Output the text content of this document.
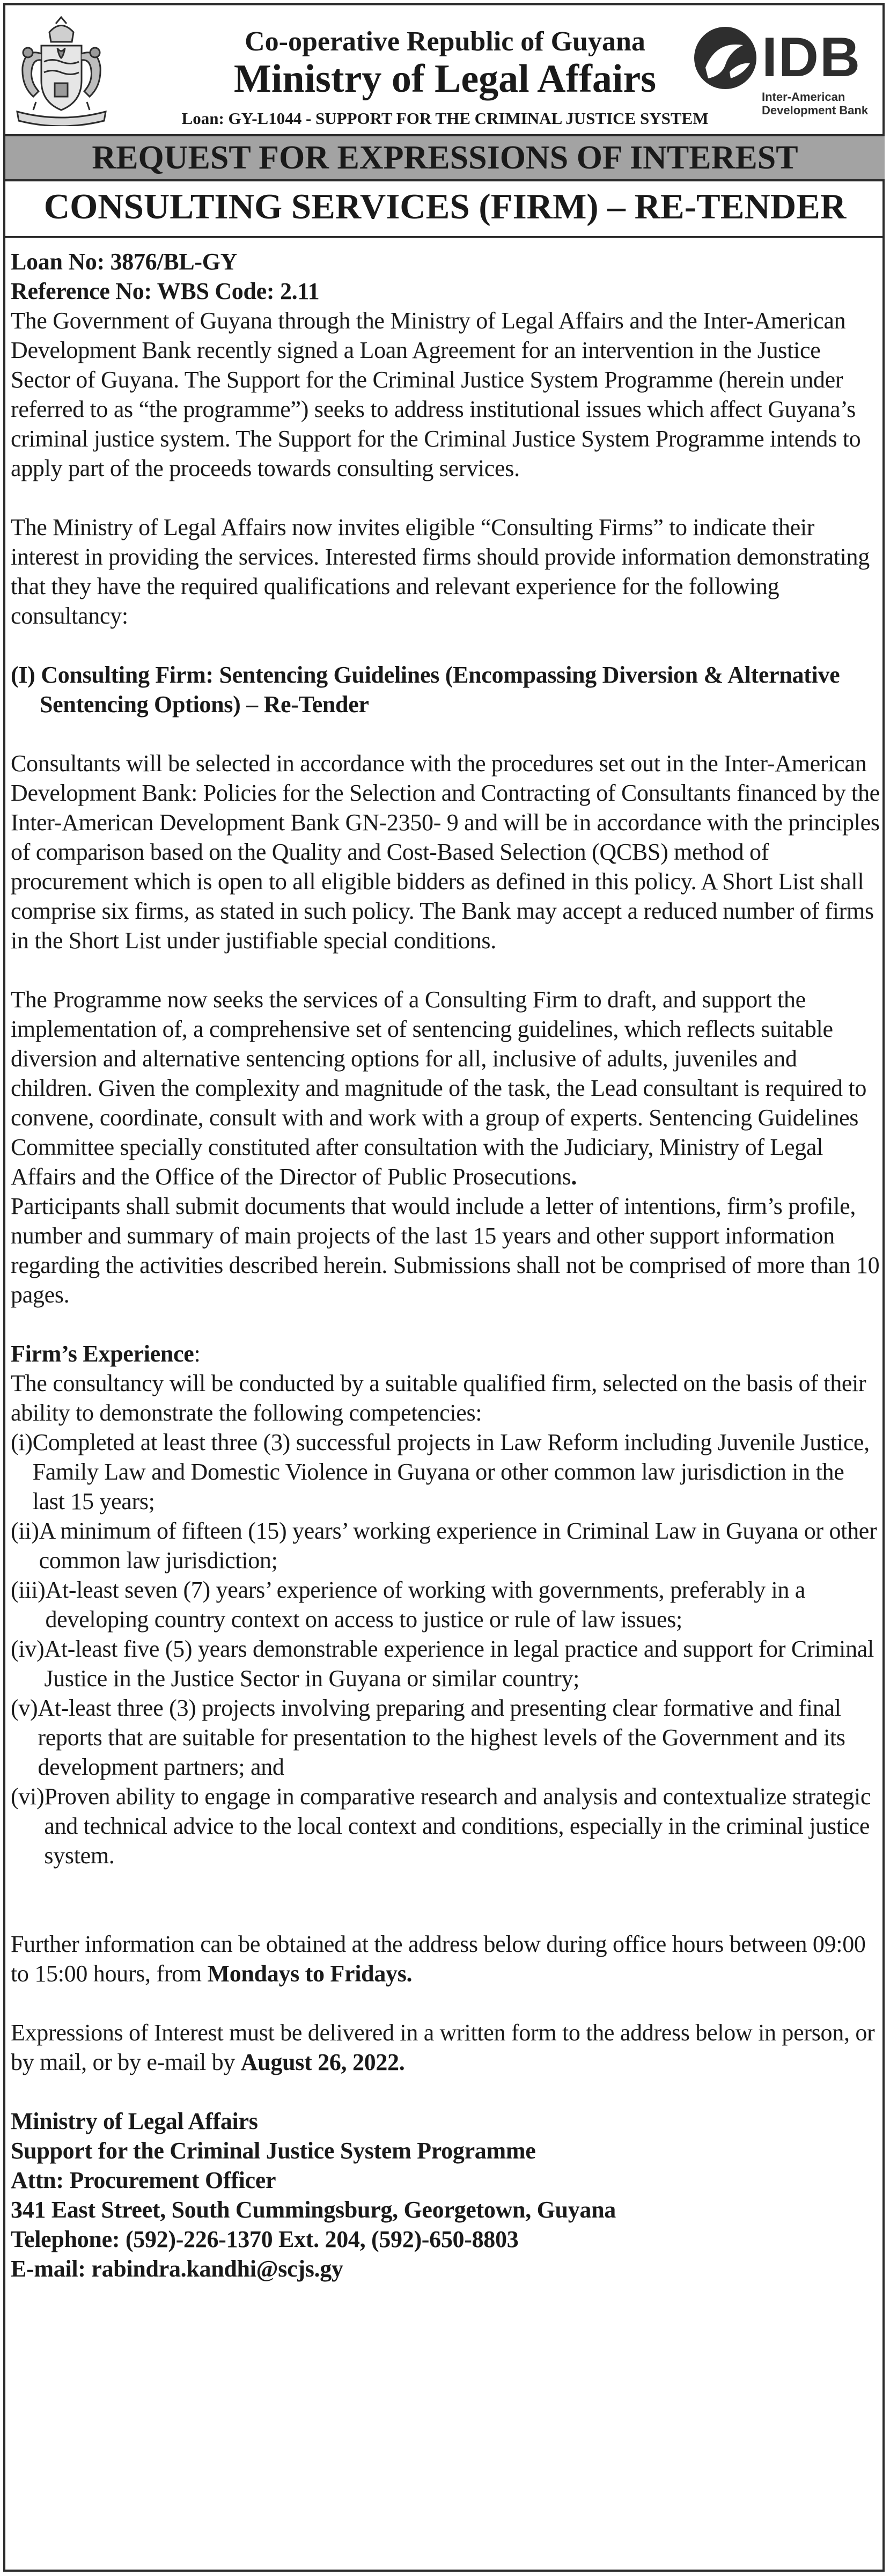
Co-operative Republic of Guyana
Ministry of Legal Affairs
Loan: GY-L1044 - SUPPORT FOR THE CRIMINAL JUSTICE SYSTEM
IDB
Inter-American
Development Bank
REQUEST FOR EXPRESSIONS OF INTEREST
CONSULTING SERVICES (FIRM) – RE-TENDER

Loan No: 3876/BL-GY

Reference No: WBS Code: 2.11

The Government of Guyana through the Ministry of Legal Affairs and the Inter-American Development Bank recently signed a Loan Agreement for an intervention in the Justice Sector of Guyana. The Support for the Criminal Justice System Programme (herein under referred to as “the programme”) seeks to address institutional issues which affect Guyana’s criminal justice system. The Support for the Criminal Justice System Programme intends to apply part of the proceeds towards consulting services.

The Ministry of Legal Affairs now invites eligible “Consulting Firms” to indicate their interest in providing the services. Interested firms should provide information demonstrating that they have the required qualifications and relevant experience for the following consultancy:

(I) Consulting Firm: Sentencing Guidelines (Encompassing Diversion & Alternative Sentencing Options) – Re-Tender

Consultants will be selected in accordance with the procedures set out in the Inter-American Development Bank: Policies for the Selection and Contracting of Consultants financed by the Inter-American Development Bank GN-2350- 9 and will be in accordance with the principles of comparison based on the Quality and Cost-Based Selection (QCBS) method of procurement which is open to all eligible bidders as defined in this policy. A Short List shall comprise six firms, as stated in such policy. The Bank may accept a reduced number of firms in the Short List under justifiable special conditions.

The Programme now seeks the services of a Consulting Firm to draft, and support the implementation of, a comprehensive set of sentencing guidelines, which reflects suitable diversion and alternative sentencing options for all, inclusive of adults, juveniles and children. Given the complexity and magnitude of the task, the Lead consultant is required to convene, coordinate, consult with and work with a group of experts. Sentencing Guidelines Committee specially constituted after consultation with the Judiciary, Ministry of Legal Affairs and the Office of the Director of Public Prosecutions.

Participants shall submit documents that would include a letter of intentions, firm’s profile, number and summary of main projects of the last 15 years and other support information regarding the activities described herein. Submissions shall not be comprised of more than 10 pages.

Firm’s Experience:

The consultancy will be conducted by a suitable qualified firm, selected on the basis of their ability to demonstrate the following competencies:

(i) Completed at least three (3) successful projects in Law Reform including Juvenile Justice, Family Law and Domestic Violence in Guyana or other common law jurisdiction in the last 15 years;
(ii) A minimum of fifteen (15) years’ working experience in Criminal Law in Guyana or other common law jurisdiction;
(iii) At-least seven (7) years’ experience of working with governments, preferably in a developing country context on access to justice or rule of law issues;
(iv) At-least five (5) years demonstrable experience in legal practice and support for Criminal Justice in the Justice Sector in Guyana or similar country;
(v) At-least three (3) projects involving preparing and presenting clear formative and final reports that are suitable for presentation to the highest levels of the Government and its development partners; and
(vi) Proven ability to engage in comparative research and analysis and contextualize strategic and technical advice to the local context and conditions, especially in the criminal justice system.

Further information can be obtained at the address below during office hours between 09:00 to 15:00 hours, from Mondays to Fridays.

Expressions of Interest must be delivered in a written form to the address below in person, or by mail, or by e-mail by August 26, 2022.

Ministry of Legal Affairs

Support for the Criminal Justice System Programme

Attn: Procurement Officer

341 East Street, South Cummingsburg, Georgetown, Guyana

Telephone: (592)-226-1370 Ext. 204, (592)-650-8803

E-mail: rabindra.kandhi@scjs.gy
